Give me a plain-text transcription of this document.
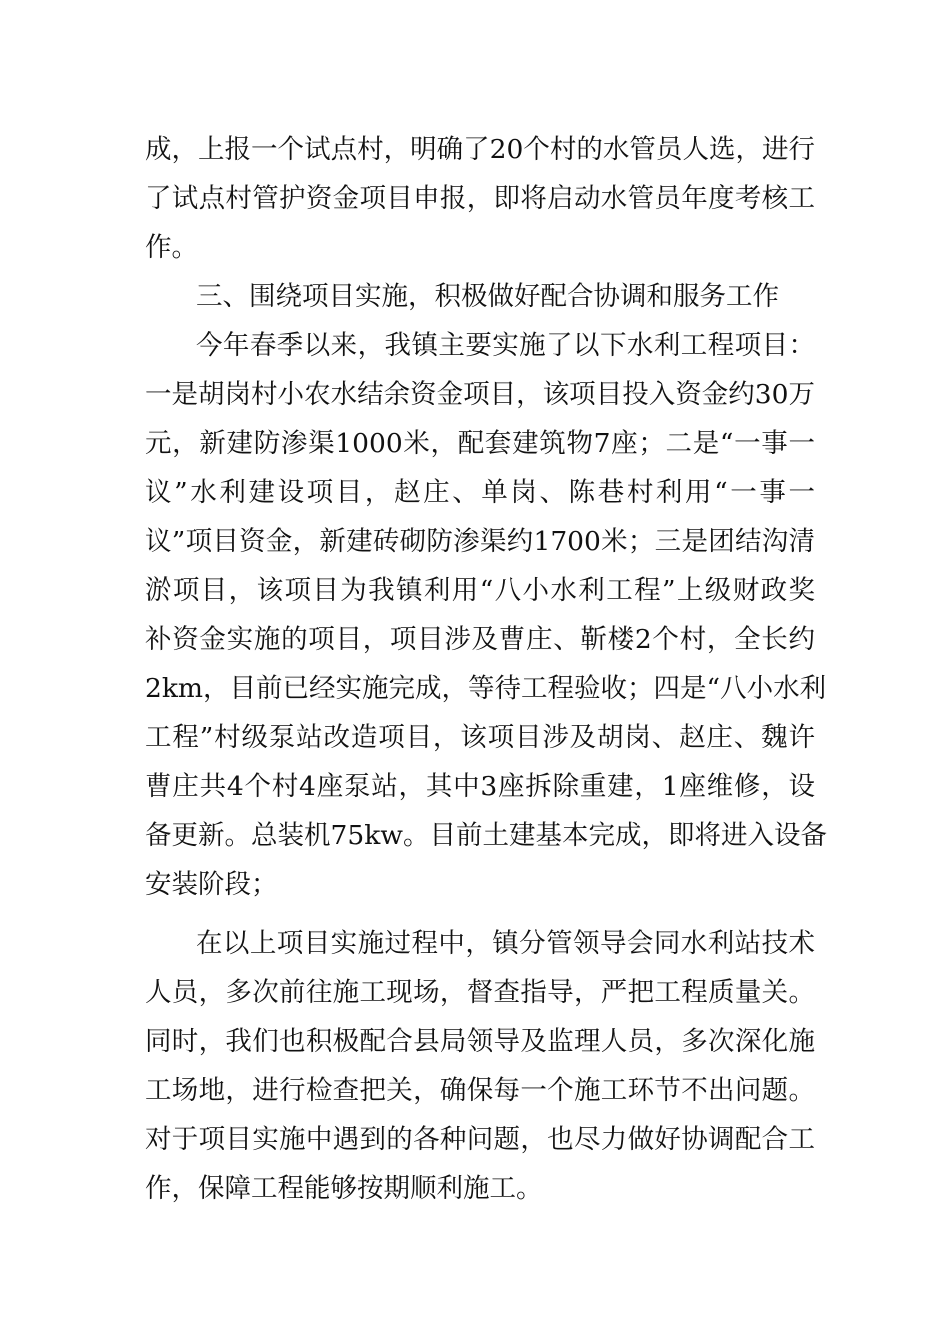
成，上报一个试点村，明确了20个村的水管员人选，进行
了试点村管护资金项目申报，即将启动水管员年度考核工
作。
三、围绕项目实施，积极做好配合协调和服务工作
今年春季以来，我镇主要实施了以下水利工程项目：
一是胡岗村小农水结余资金项目，该项目投入资金约30万
元，新建防渗渠1000米，配套建筑物7座；二是“一事一
议”水利建设项目，赵庄、单岗、陈巷村利用“一事一
议”项目资金，新建砖砌防渗渠约1700米；三是团结沟清
淤项目，该项目为我镇利用“八小水利工程”上级财政奖
补资金实施的项目，项目涉及曹庄、靳楼2个村，全长约
2km，目前已经实施完成，等待工程验收；四是“八小水利
工程”村级泵站改造项目，该项目涉及胡岗、赵庄、魏许
曹庄共4个村4座泵站，其中3座拆除重建，1座维修，设
备更新。总装机75kw。目前土建基本完成，即将进入设备
安装阶段；
在以上项目实施过程中，镇分管领导会同水利站技术
人员，多次前往施工现场，督查指导，严把工程质量关。
同时，我们也积极配合县局领导及监理人员，多次深化施
工场地，进行检查把关，确保每一个施工环节不出问题。
对于项目实施中遇到的各种问题，也尽力做好协调配合工
作，保障工程能够按期顺利施工。
